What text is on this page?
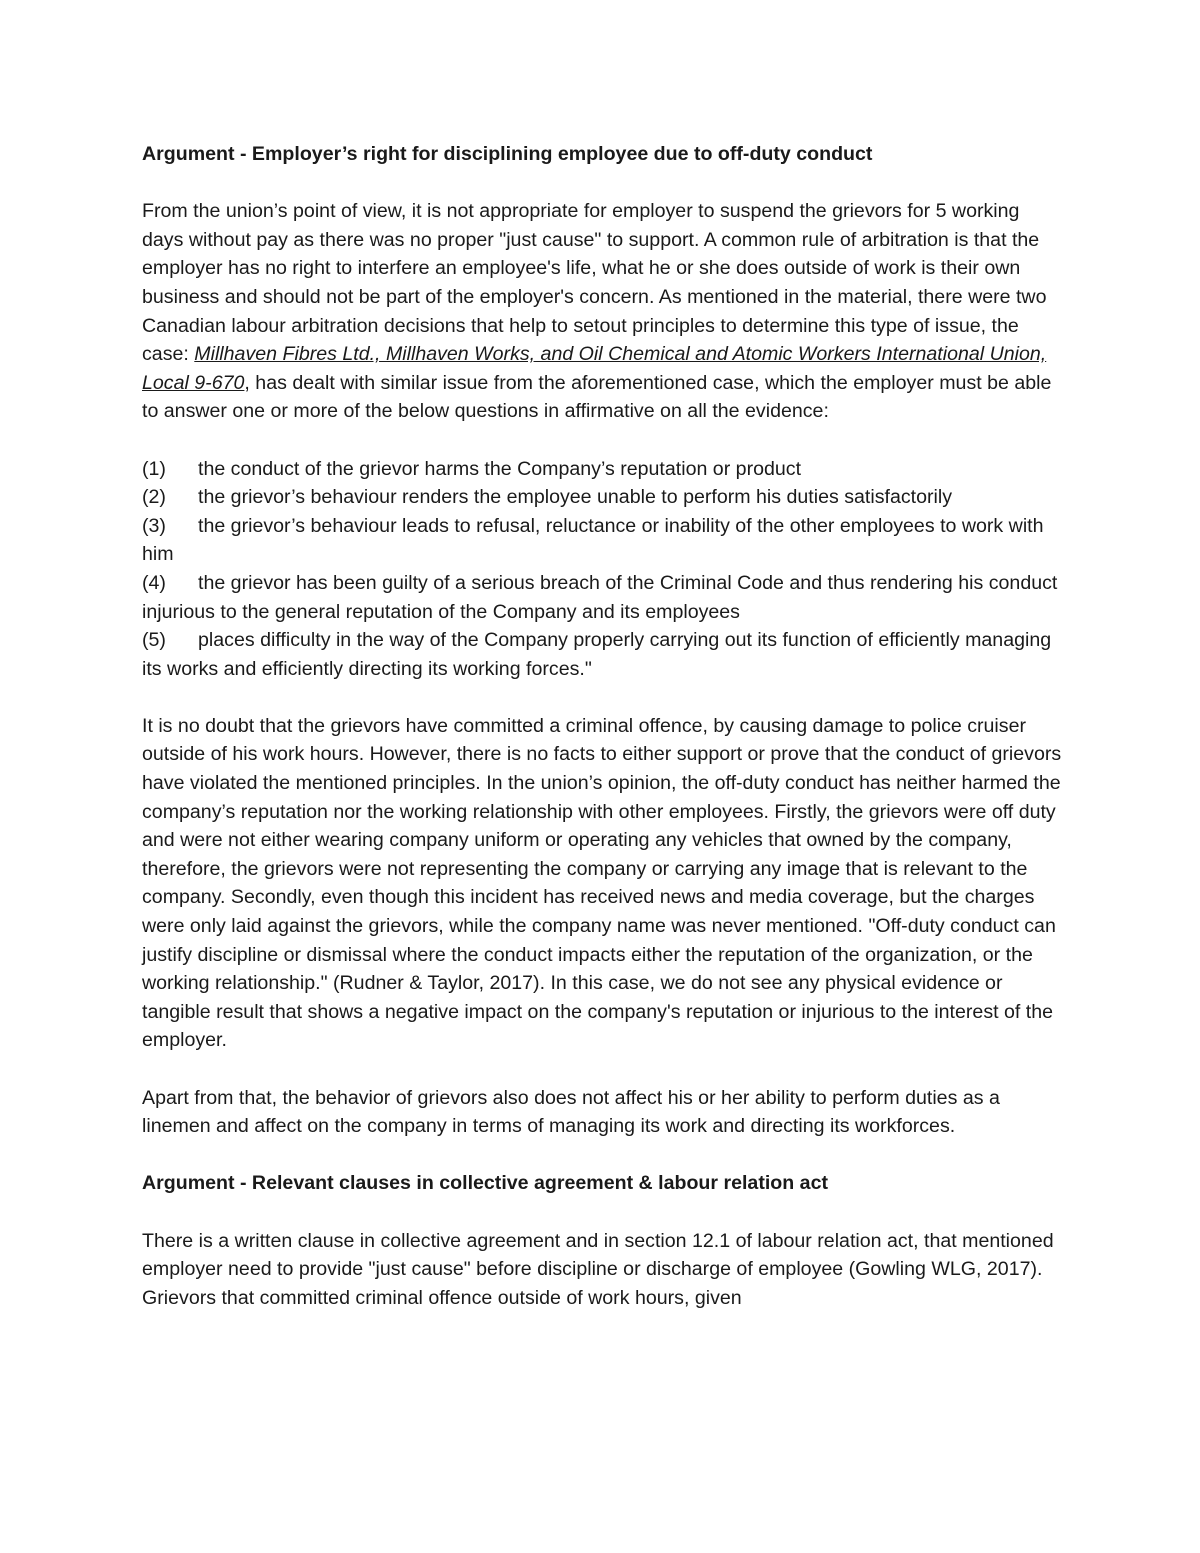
Argument - Employer’s right for disciplining employee due to off-duty conduct

From the union’s point of view, it is not appropriate for employer to suspend the grievors for 5 working days without pay as there was no proper "just cause" to support. A common rule of arbitration is that the employer has no right to interfere an employee's life, what he or she does outside of work is their own business and should not be part of the employer's concern. As mentioned in the material, there were two Canadian labour arbitration decisions that help to setout principles to determine this type of issue, the case: Millhaven Fibres Ltd., Millhaven Works, and Oil Chemical and Atomic Workers International Union, Local 9-670, has dealt with similar issue from the aforementioned case, which the employer must be able to answer one or more of the below questions in affirmative on all the evidence:

(1) the conduct of the grievor harms the Company’s reputation or product

(2) the grievor’s behaviour renders the employee unable to perform his duties satisfactorily

(3) the grievor’s behaviour leads to refusal, reluctance or inability of the other employees to work with him

(4) the grievor has been guilty of a serious breach of the Criminal Code and thus rendering his conduct injurious to the general reputation of the Company and its employees

(5) places difficulty in the way of the Company properly carrying out its function of efficiently managing its works and efficiently directing its working forces."

It is no doubt that the grievors have committed a criminal offence, by causing damage to police cruiser outside of his work hours. However, there is no facts to either support or prove that the conduct of grievors have violated the mentioned principles. In the union’s opinion, the off-duty conduct has neither harmed the company’s reputation nor the working relationship with other employees. Firstly, the grievors were off duty and were not either wearing company uniform or operating any vehicles that owned by the company, therefore, the grievors were not representing the company or carrying any image that is relevant to the company. Secondly, even though this incident has received news and media coverage, but the charges were only laid against the grievors, while the company name was never mentioned. "Off-duty conduct can justify discipline or dismissal where the conduct impacts either the reputation of the organization, or the working relationship." (Rudner & Taylor, 2017). In this case, we do not see any physical evidence or tangible result that shows a negative impact on the company's reputation or injurious to the interest of the employer.

Apart from that, the behavior of grievors also does not affect his or her ability to perform duties as a linemen and affect on the company in terms of managing its work and directing its workforces.

Argument - Relevant clauses in collective agreement & labour relation act

There is a written clause in collective agreement and in section 12.1 of labour relation act, that mentioned employer need to provide "just cause" before discipline or discharge of employee (Gowling WLG, 2017). Grievors that committed criminal offence outside of work hours, given
